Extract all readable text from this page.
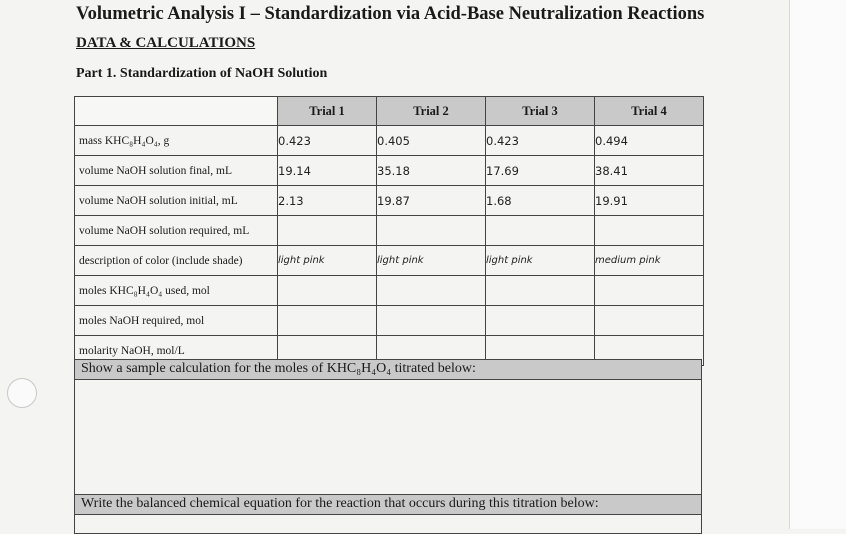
Volumetric Analysis I – Standardization via Acid-Base Neutralization Reactions
DATA & CALCULATIONS
Part 1. Standardization of NaOH Solution
	Trial 1	Trial 2	Trial 3	Trial 4
mass KHC₈H₄O₄, g	0.423	0.405	0.423	0.494
volume NaOH solution final, mL	19.14	35.18	17.69	38.41
volume NaOH solution initial, mL	2.13	19.87	1.68	19.91
volume NaOH solution required, mL				
description of color (include shade)	light pink	light pink	light pink	medium pink
moles KHC₈H₄O₄ used, mol				
moles NaOH required, mol				
molarity NaOH, mol/L				
Show a sample calculation for the moles of KHC₈H₄O₄ titrated below:
Write the balanced chemical equation for the reaction that occurs during this titration below:
